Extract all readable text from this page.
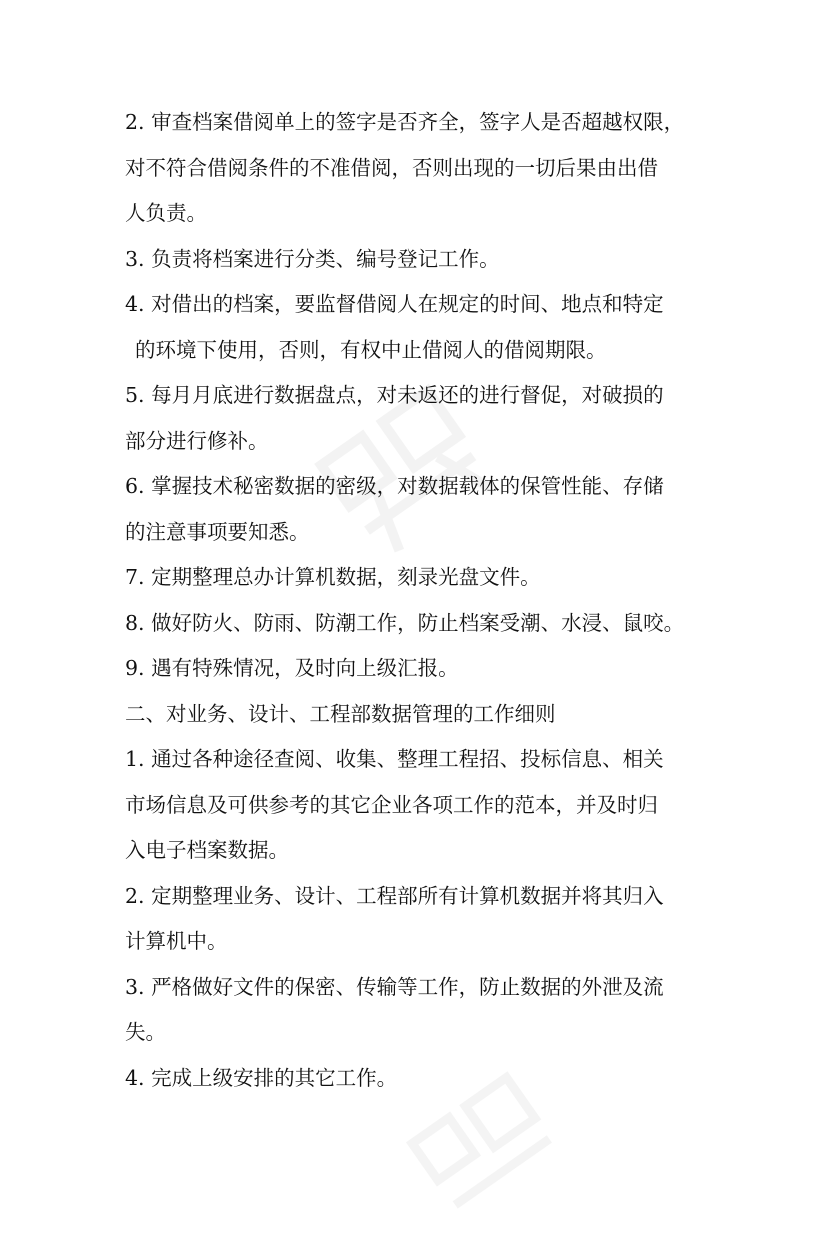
2. 审查档案借阅单上的签字是否齐全，签字人是否超越权限，
对不符合借阅条件的不准借阅，否则出现的一切后果由出借
人负责。
3. 负责将档案进行分类、编号登记工作。
4. 对借出的档案，要监督借阅人在规定的时间、地点和特定
的环境下使用，否则，有权中止借阅人的借阅期限。
5. 每月月底进行数据盘点，对未返还的进行督促，对破损的
部分进行修补。
6. 掌握技术秘密数据的密级，对数据载体的保管性能、存储
的注意事项要知悉。
7. 定期整理总办计算机数据，刻录光盘文件。
8. 做好防火、防雨、防潮工作，防止档案受潮、水浸、鼠咬。
9. 遇有特殊情况，及时向上级汇报。
二、对业务、设计、工程部数据管理的工作细则
1. 通过各种途径查阅、收集、整理工程招、投标信息、相关
市场信息及可供参考的其它企业各项工作的范本，并及时归
入电子档案数据。
2. 定期整理业务、设计、工程部所有计算机数据并将其归入
计算机中。
3. 严格做好文件的保密、传输等工作，防止数据的外泄及流
失。
4. 完成上级安排的其它工作。
